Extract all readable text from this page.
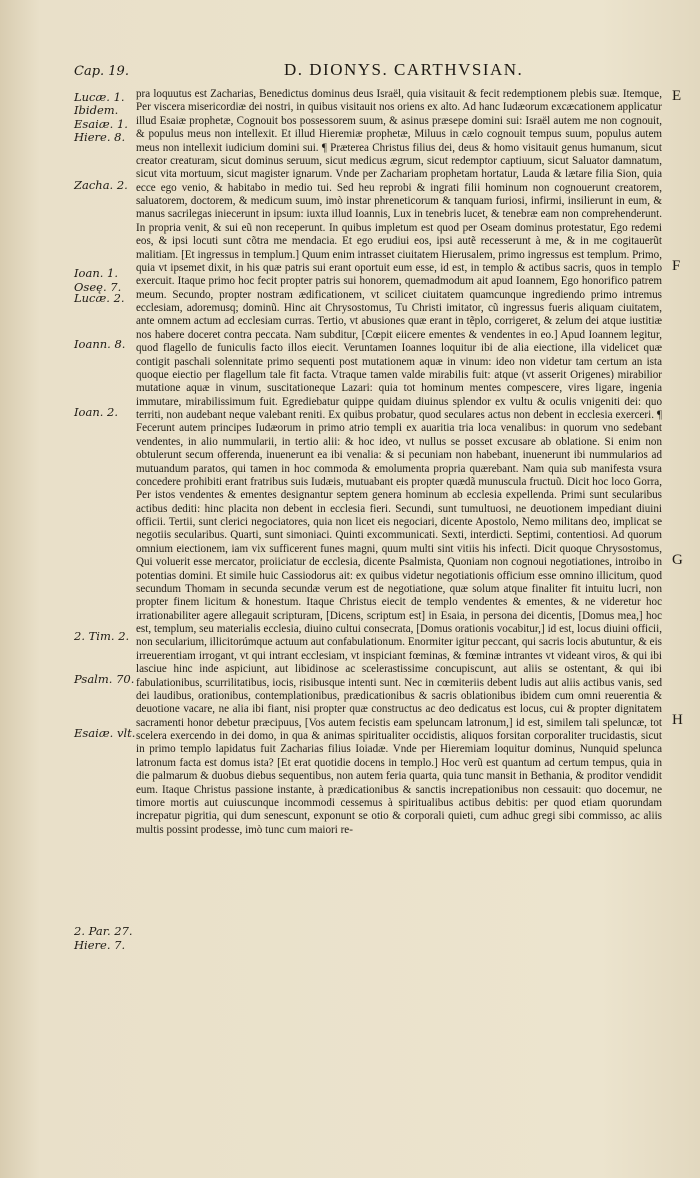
Cap. 19.	D. DIONYS. CARTHVSIAN.
Lucæ. 1.
Ibidem.
Esaiæ. 1.
Hiere. 8.
Zacha. 2.
Ioan. 1.
Oseę. 7.
Lucæ. 2.
Ioann. 8.
Ioan. 2.
2. Tim. 2.
Psalm. 70.
Esaiæ. vlt.
2. Par. 27.
Hiere. 7.
E
F
G
H

pra loquutus est Zacharias, Benedictus dominus deus Israël, quia visitauit & fecit redemptionem plebis suæ. Itemque, Per viscera misericordiæ dei nostri, in quibus visitauit nos oriens ex alto. Ad hanc Iudæorum excæcationem applicatur illud Esaiæ prophetæ, Cognouit bos possessorem suum, & asinus præsepe domini sui: Israël autem me non cognouit, & populus meus non intellexit. Et illud Hieremiæ prophetæ, Miluus in cælo cognouit tempus suum, populus autem meus non intellexit iudicium domini sui. ¶ Præterea Christus filius dei, deus & homo visitauit genus humanum, sicut creator creaturam, sicut dominus seruum, sicut medicus ægrum, sicut redemptor captiuum, sicut Saluator damnatum, sicut vita mortuum, sicut magister ignarum. Vnde per Zachariam prophetam hortatur, Lauda & lætare filia Sion, quia ecce ego venio, & habitabo in medio tui. Sed heu reprobi & ingrati filii hominum non cognouerunt creatorem, saluatorem, doctorem, & medicum suum, imò instar phreneticorum & tanquam furiosi, infirmi, insilierunt in eum, & manus sacrilegas iniecerunt in ipsum: iuxta illud Ioannis, Lux in tenebris lucet, & tenebræ eam non comprehenderunt. In propria venit, & sui eũ non receperunt. In quibus impletum est quod per Oseam dominus protestatur, Ego redemi eos, & ipsi locuti sunt cõtra me mendacia. Et ego erudiui eos, ipsi autẽ recesserunt à me, & in me cogitauerũt malitiam. [Et ingressus in templum.] Quum enim intrasset ciuitatem Hierusalem, primo ingressus est templum. Primo, quia vt ipsemet dixit, in his quæ patris sui erant oportuit eum esse, id est, in templo & actibus sacris, quos in templo exercuit. Itaque primo hoc fecit propter patris sui honorem, quemadmodum ait apud Ioannem, Ego honorifico patrem meum. Secundo, propter nostram ædificationem, vt scilicet ciuitatem quamcunque ingrediendo primo intremus ecclesiam, adoremusq; dominũ. Hinc ait Chrysostomus, Tu Christi imitator, cũ ingressus fueris aliquam ciuitatem, ante omnem actum ad ecclesiam curras. Tertio, vt abusiones quæ erant in tẽplo, corrigeret, & zelum dei atque iustitiæ nos habere doceret contra peccata. Nam subditur, [Cœpit eiicere ementes & vendentes in eo.] Apud Ioannem legitur, quod flagello de funiculis facto illos eiecit. Veruntamen Ioannes loquitur ibi de alia eiectione, illa videlicet quæ contigit paschali solennitate primo sequenti post mutationem aquæ in vinum: ideo non videtur tam certum an ista quoque eiectio per flagellum tale fit facta. Vtraque tamen valde mirabilis fuit: atque (vt asserit Origenes) mirabilior mutatione aquæ in vinum, suscitationeque Lazari: quia tot hominum mentes compescere, vires ligare, ingenia immutare, mirabilissimum fuit. Egrediebatur quippe quidam diuinus splendor ex vultu & oculis vnigeniti dei: quo territi, non audebant neque valebant reniti. Ex quibus probatur, quod seculares actus non debent in ecclesia exerceri. ¶ Fecerunt autem principes Iudæorum in primo atrio templi ex auaritia tria loca venalibus: in quorum vno sedebant vendentes, in alio nummularii, in tertio alii: & hoc ideo, vt nullus se posset excusare ab oblatione. Si enim non obtulerunt secum offerenda, inuenerunt ea ibi venalia: & si pecuniam non habebant, inuenerunt ibi nummularios ad mutuandum paratos, qui tamen in hoc commoda & emolumenta propria quærebant. Nam quia sub manifesta vsura concedere prohibiti erant fratribus suis Iudæis, mutuabant eis propter quædã munuscula fructuũ. Dicit hoc loco Gorra, Per istos vendentes & ementes designantur septem genera hominum ab ecclesia expellenda. Primi sunt secularibus actibus dediti: hinc placita non debent in ecclesia fieri. Secundi, sunt tumultuosi, ne deuotionem impediant diuini officii. Tertii, sunt clerici negociatores, quia non licet eis negociari, dicente Apostolo, Nemo militans deo, implicat se negotiis secularibus. Quarti, sunt simoniaci. Quinti excommunicati. Sexti, interdicti. Septimi, contentiosi. Ad quorum omnium eiectionem, iam vix sufficerent funes magni, quum multi sint vitiis his infecti. Dicit quoque Chrysostomus, Qui voluerit esse mercator, proiiciatur de ecclesia, dicente Psalmista, Quoniam non cognoui negotiationes, introibo in potentias domini. Et simile huic Cassiodorus ait: ex quibus videtur negotiationis officium esse omnino illicitum, quod secundum Thomam in secunda secundæ verum est de negotiatione, quæ solum atque finaliter fit intuitu lucri, non propter finem licitum & honestum. Itaque Christus eiecit de templo vendentes & ementes, & ne videretur hoc irrationabiliter agere allegauit scripturam, [Dicens, scriptum est] in Esaia, in persona dei dicentis, [Domus mea,] hoc est, templum, seu materialis ecclesia, diuino cultui consecrata, [Domus orationis vocabitur,] id est, locus diuini officii, non secularium, illicitorúmque actuum aut confabulationum. Enormiter igitur peccant, qui sacris locis abutuntur, & eis irreuerentiam irrogant, vt qui intrant ecclesiam, vt inspiciant fœminas, & fœminæ intrantes vt videant viros, & qui ibi lasciue hinc inde aspiciunt, aut libidinose ac scelerastissime concupiscunt, aut aliis se ostentant, & qui ibi fabulationibus, scurrilitatibus, iocis, risibusque intenti sunt. Nec in cœmiteriis debent ludis aut aliis actibus vanis, sed dei laudibus, orationibus, contemplationibus, prædicationibus & sacris oblationibus ibidem cum omni reuerentia & deuotione vacare, ne alia ibi fiant, nisi propter quæ constructus ac deo dedicatus est locus, cui & propter dignitatem sacramenti honor debetur præcipuus, [Vos autem fecistis eam speluncam latronum,] id est, similem tali speluncæ, tot scelera exercendo in dei domo, in qua & animas spiritualiter occidistis, aliquos forsitan corporaliter trucidastis, sicut in primo templo lapidatus fuit Zacharias filius Ioiadæ. Vnde per Hieremiam loquitur dominus, Nunquid spelunca latronum facta est domus ista? [Et erat quotidie docens in templo.] Hoc verũ est quantum ad certum tempus, quia in die palmarum & duobus diebus sequentibus, non autem feria quarta, quia tunc mansit in Bethania, & proditor vendidit eum. Itaque Christus passione instante, à prædicationibus & sanctis increpationibus non cessauit: quo docemur, ne timore mortis aut cuiuscunque incommodi cessemus à spiritualibus actibus debitis: per quod etiam quorundam increpatur pigritia, qui dum senescunt, exponunt se otio & corporali quieti, cum adhuc gregi sibi commisso, ac aliis multis possint prodesse, imò tunc cum maiori re-
